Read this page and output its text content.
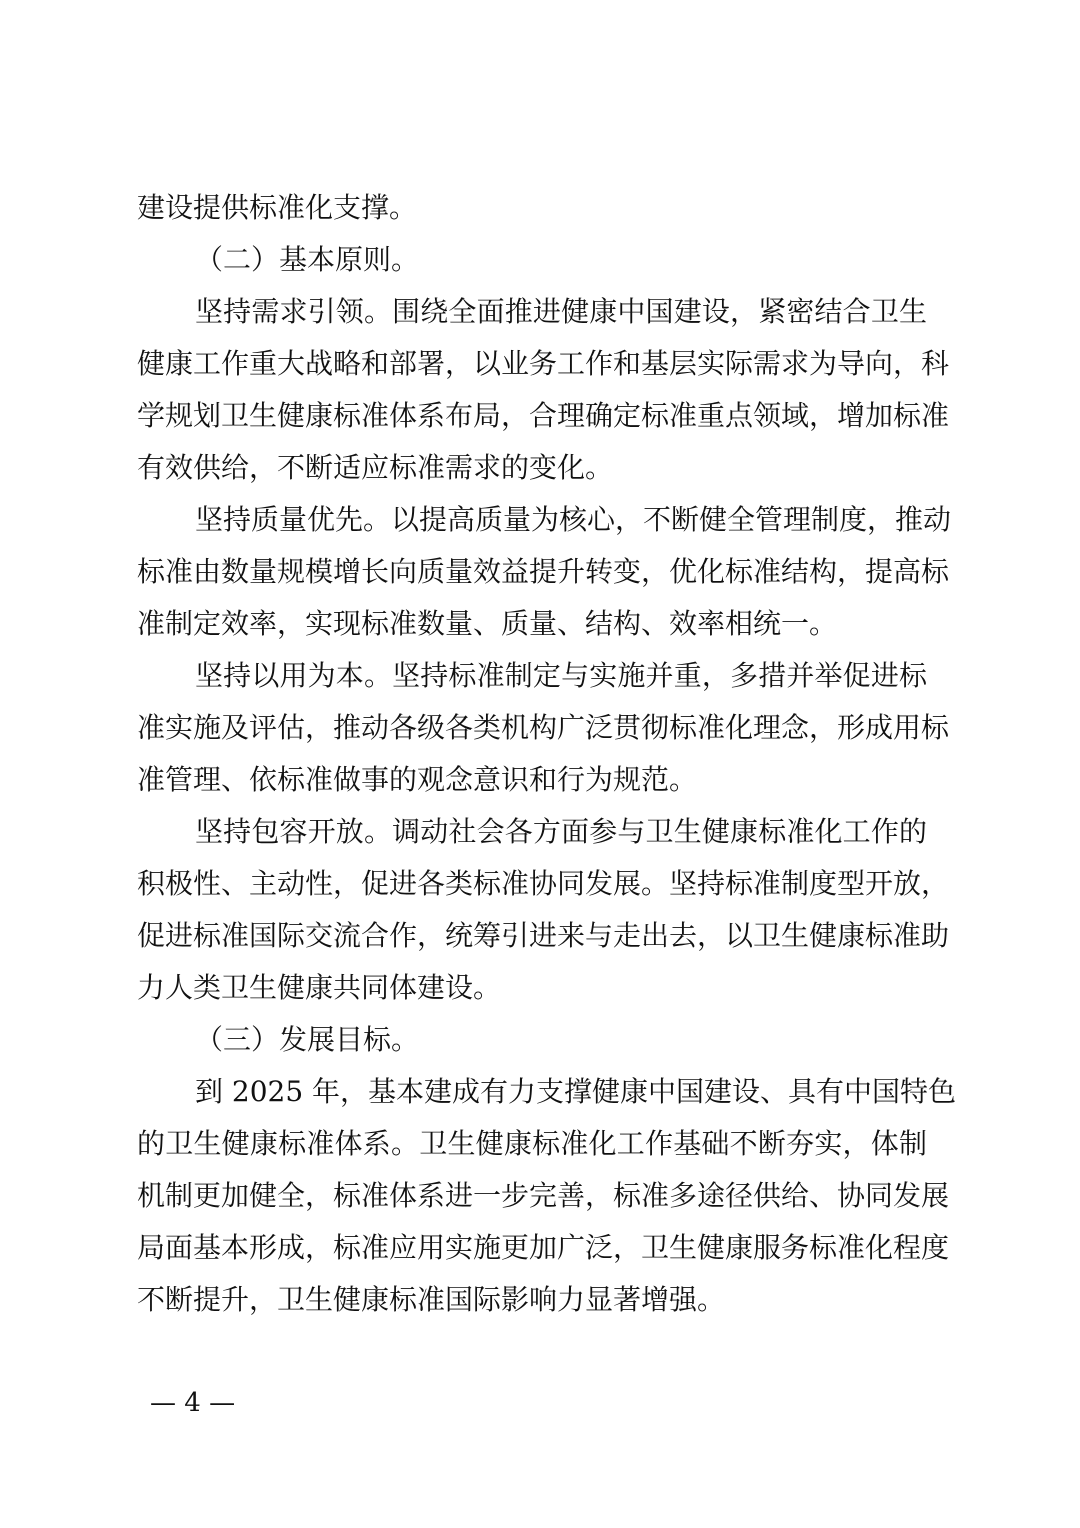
建设提供标准化支撑。
（二）基本原则。
坚持需求引领。围绕全面推进健康中国建设，紧密结合卫生
健康工作重大战略和部署，以业务工作和基层实际需求为导向，科
学规划卫生健康标准体系布局，合理确定标准重点领域，增加标准
有效供给，不断适应标准需求的变化。
坚持质量优先。以提高质量为核心，不断健全管理制度，推动
标准由数量规模增长向质量效益提升转变，优化标准结构，提高标
准制定效率，实现标准数量、质量、结构、效率相统一。
坚持以用为本。坚持标准制定与实施并重，多措并举促进标
准实施及评估，推动各级各类机构广泛贯彻标准化理念，形成用标
准管理、依标准做事的观念意识和行为规范。
坚持包容开放。调动社会各方面参与卫生健康标准化工作的
积极性、主动性，促进各类标准协同发展。坚持标准制度型开放，
促进标准国际交流合作，统筹引进来与走出去，以卫生健康标准助
力人类卫生健康共同体建设。
（三）发展目标。
到 2025 年，基本建成有力支撑健康中国建设、具有中国特色
的卫生健康标准体系。卫生健康标准化工作基础不断夯实，体制
机制更加健全，标准体系进一步完善，标准多途径供给、协同发展
局面基本形成，标准应用实施更加广泛，卫生健康服务标准化程度
不断提升，卫生健康标准国际影响力显著增强。
— 4 —
